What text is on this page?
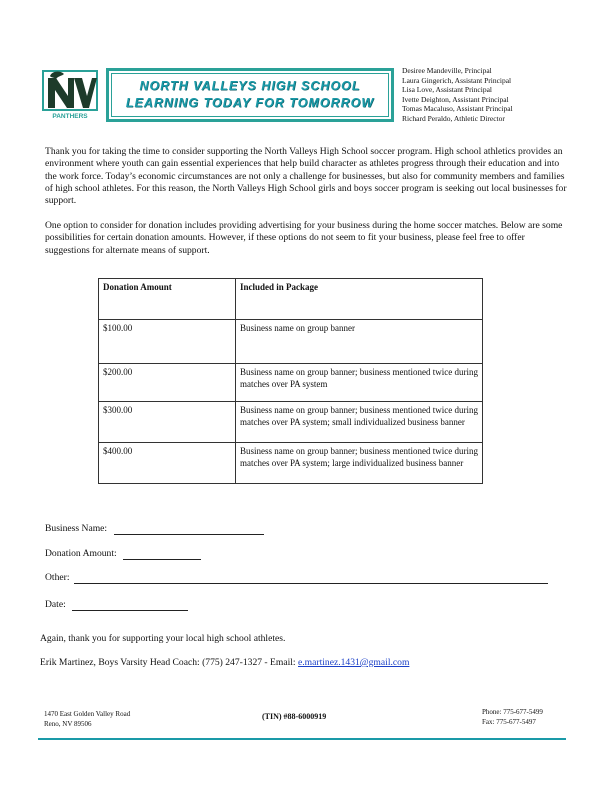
PANTHERS
NORTH VALLEYS HIGH SCHOOL
LEARNING TODAY FOR TOMORROW
Desiree Mandeville, Principal
Laura Gingerich, Assistant Principal
Lisa Love, Assistant Principal
Ivette Deighton, Assistant Principal
Tomas Macaluso, Assistant Principal
Richard Peraldo, Athletic Director

Thank you for taking the time to consider supporting the North Valleys High School soccer program. High school athletics provides an environment where youth can gain essential experiences that help build character as athletes progress through their education and into the work force. Today’s economic circumstances are not only a challenge for businesses, but also for community members and families of high school athletes. For this reason, the North Valleys High School girls and boys soccer program is seeking out local businesses for support.

One option to consider for donation includes providing advertising for your business during the home soccer matches. Below are some possibilities for certain donation amounts. However, if these options do not seem to fit your business, please feel free to offer suggestions for alternate means of support.

Donation Amount	Included in Package
$100.00	Business name on group banner
$200.00	Business name on group banner; business mentioned twice during matches over PA system
$300.00	Business name on group banner; business mentioned twice during matches over PA system; small individualized business banner
$400.00	Business name on group banner; business mentioned twice during matches over PA system; large individualized business banner
Business Name:
Donation Amount:
Other:
Date:
Again, thank you for supporting your local high school athletes.
Erik Martinez, Boys Varsity Head Coach: (775) 247-1327 - Email: e.martinez.1431@gmail.com
1470 East Golden Valley Road
Reno, NV 89506
(TIN) #88-6000919	Phone: 775-677-5499
Fax: 775-677-5497
